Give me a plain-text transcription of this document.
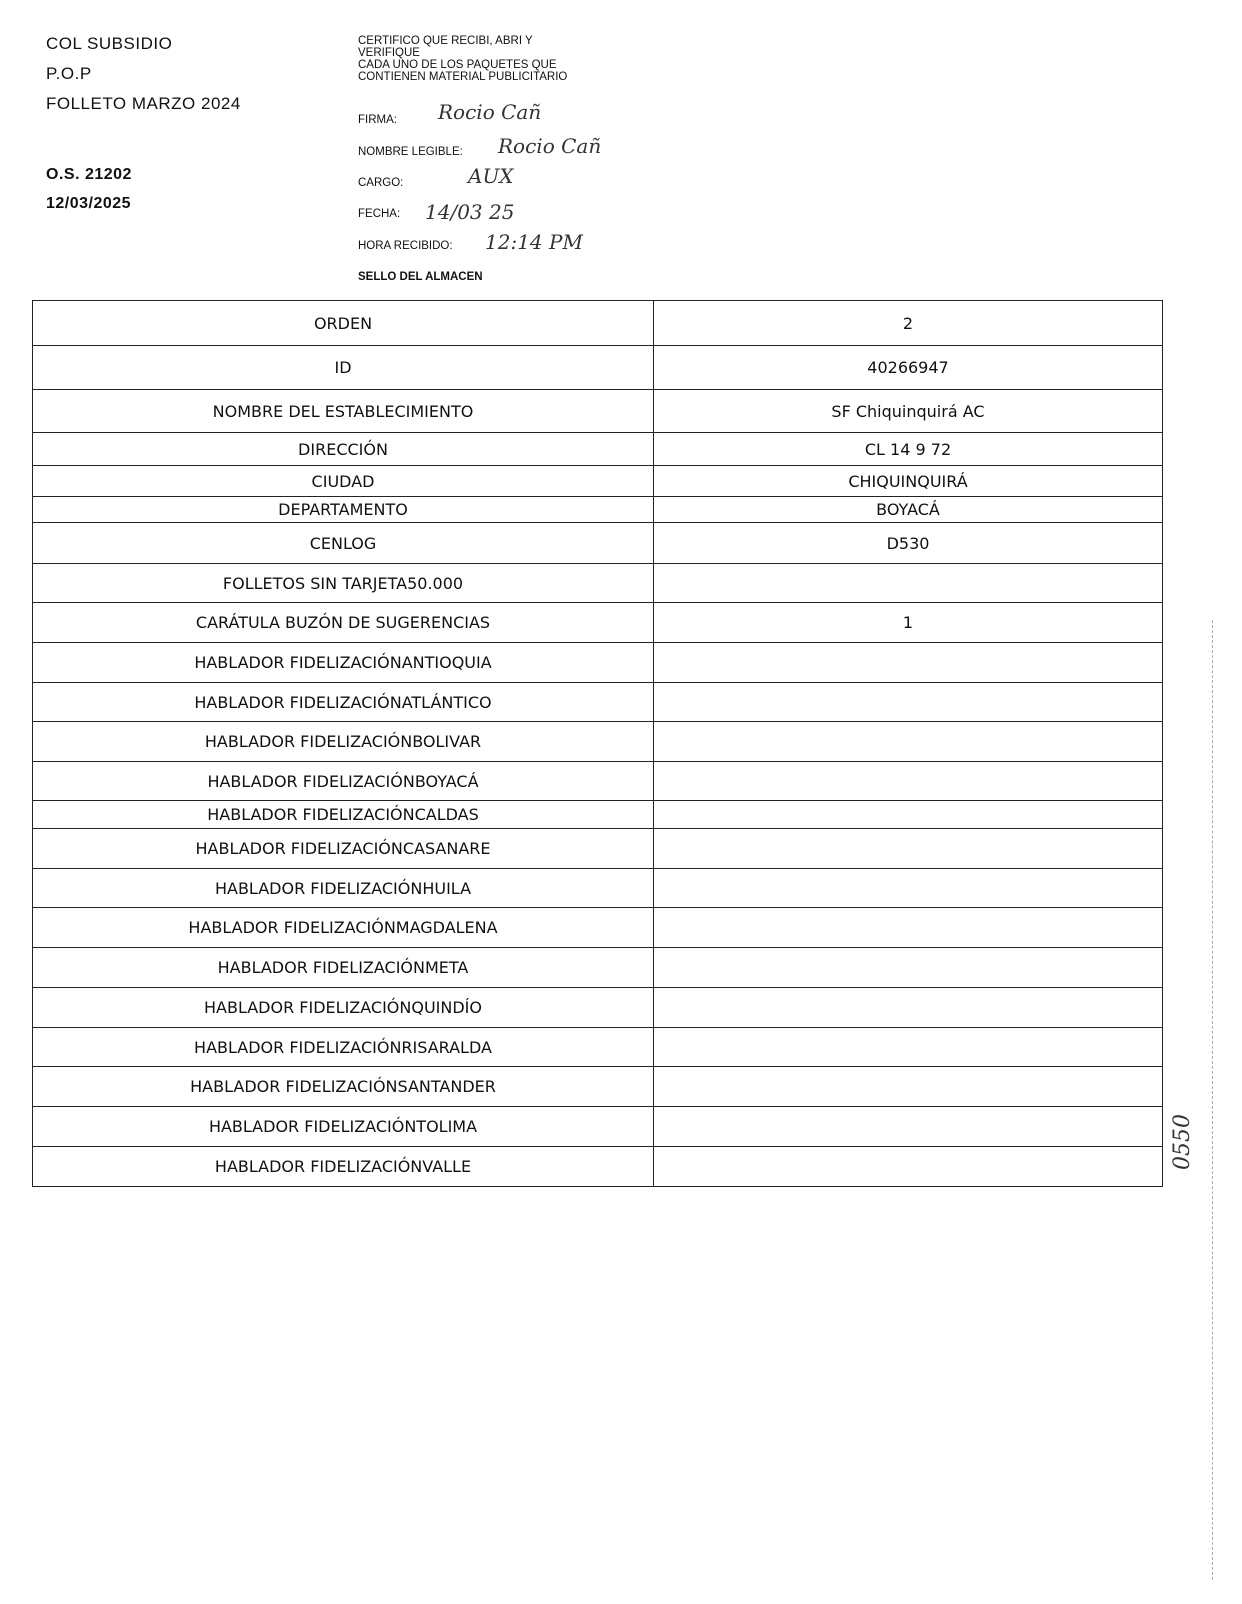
COL SUBSIDIO
P.O.P
FOLLETO MARZO 2024
O.S. 21202
12/03/2025
CERTIFICO QUE RECIBI, ABRI Y
VERIFIQUE
CADA UNO DE LOS PAQUETES QUE
CONTIENEN MATERIAL PUBLICITARIO
FIRMA: Rocio Cañ
NOMBRE LEGIBLE: Rocio Cañ
CARGO:	AUX
FECHA: 14/03 25
HORA RECIBIDO: 12:14 PM
SELLO DEL ALMACEN
ORDEN	2
ID	40266947
NOMBRE DEL ESTABLECIMIENTO	SF Chiquinquirá AC
DIRECCIÓN	CL 14 9 72
CIUDAD	CHIQUINQUIRÁ
DEPARTAMENTO	BOYACÁ
CENLOG	D530
FOLLETOS SIN TARJETA50.000	
CARÁTULA BUZÓN DE SUGERENCIAS	1
HABLADOR FIDELIZACIÓNANTIOQUIA	
HABLADOR FIDELIZACIÓNATLÁNTICO	
HABLADOR FIDELIZACIÓNBOLIVAR	
HABLADOR FIDELIZACIÓNBOYACÁ	
HABLADOR FIDELIZACIÓNCALDAS	
HABLADOR FIDELIZACIÓNCASANARE	
HABLADOR FIDELIZACIÓNHUILA	
HABLADOR FIDELIZACIÓNMAGDALENA	
HABLADOR FIDELIZACIÓNMETA	
HABLADOR FIDELIZACIÓNQUINDÍO	
HABLADOR FIDELIZACIÓNRISARALDA	
HABLADOR FIDELIZACIÓNSANTANDER	
HABLADOR FIDELIZACIÓNTOLIMA	
HABLADOR FIDELIZACIÓNVALLE		0550
